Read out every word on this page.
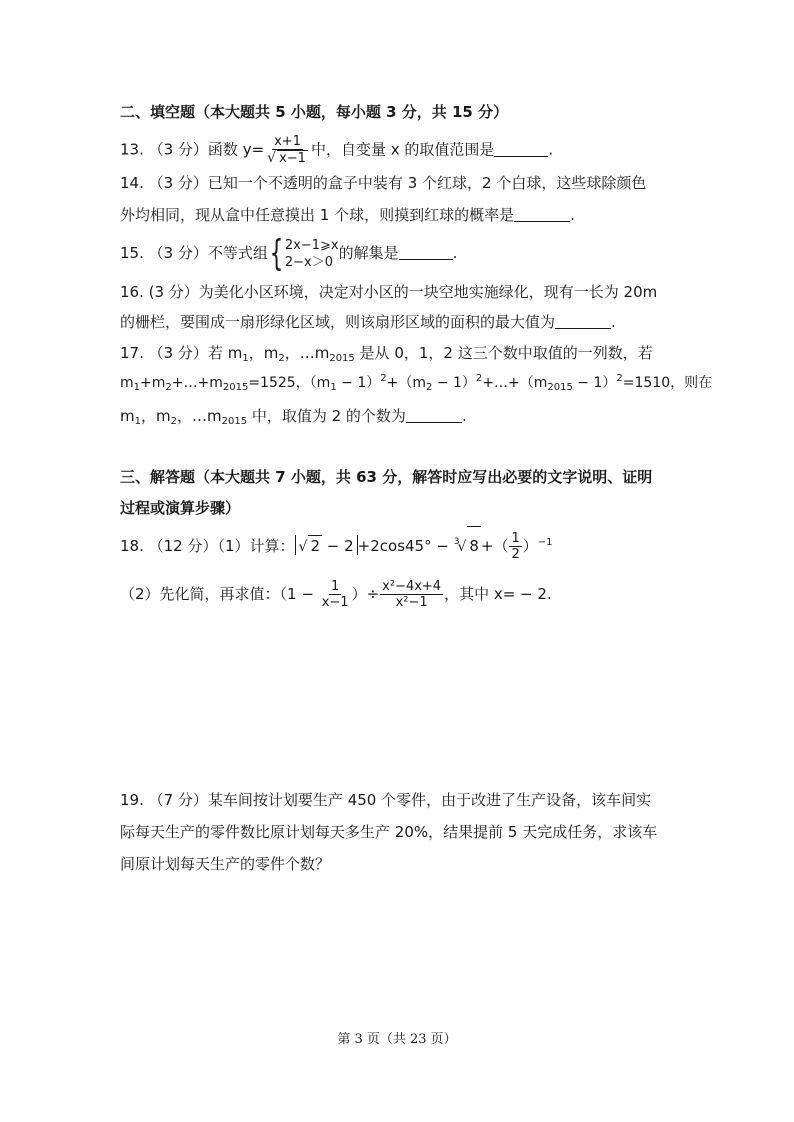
二、填空题（本大题共 5 小题，每小题 3 分，共 15 分）
13. （3 分）函数 $y= \frac{x+1}{√ x-1}$ 中，自变量 x 的取值范围是	.
14. （3 分）已知一个不透明的盒子中装有 3 个红球，2 个白球，这些球除颜色
外均相同，现从盒中任意摸出 1 个球，则摸到红球的概率是	.
15. （3 分）不等式组{ 2x−1⩾x
2−x＞0 的解集是	.
16. (3 分）为美化小区环境，决定对小区的一块空地实施绿化，现有一长为 20m
的栅栏，要围成一扇形绿化区域，则该扇形区域的面积的最大值为	.
17. （3 分）若 $m_1$，$m_2$，$\dots m_{2015}$ 是从 0，1，2 这三个数中取值的一列数，若
$m_1+m_2+\dots+m_{2015}=1525$，$(m_1 - 1)^2+(m_2$ − $1)^2+\dots+(m_{2015} - 1)^2=1510$，则在
$m_1$，$m_2$，$\dots m_{2015}$ 中，取值为 2 的个数为	.
三、解答题（本大题共 7 小题，共 63 分，解答时应写出必要的文字说明、证明
过程或演算步骤）
18. （12 分）（1）计算： √ 2 − 2 +2cos45° − $^3$√ 8 +（ $\frac{1}{2} )^{-1}$
（2）先化简，再求值：（$1 - \frac{1}{x-1}$ ）÷ $\frac{\text{x²−4x+4}}{\text{x²−1}}$ ，其中 x= − 2.
19. （7 分）某车间按计划要生产 450 个零件，由于改进了生产设备，该车间实
际每天生产的零件数比原计划每天多生产 20%，结果提前 5 天完成任务，求该车
间原计划每天生产的零件个数？
第 3 页（共 23 页）
